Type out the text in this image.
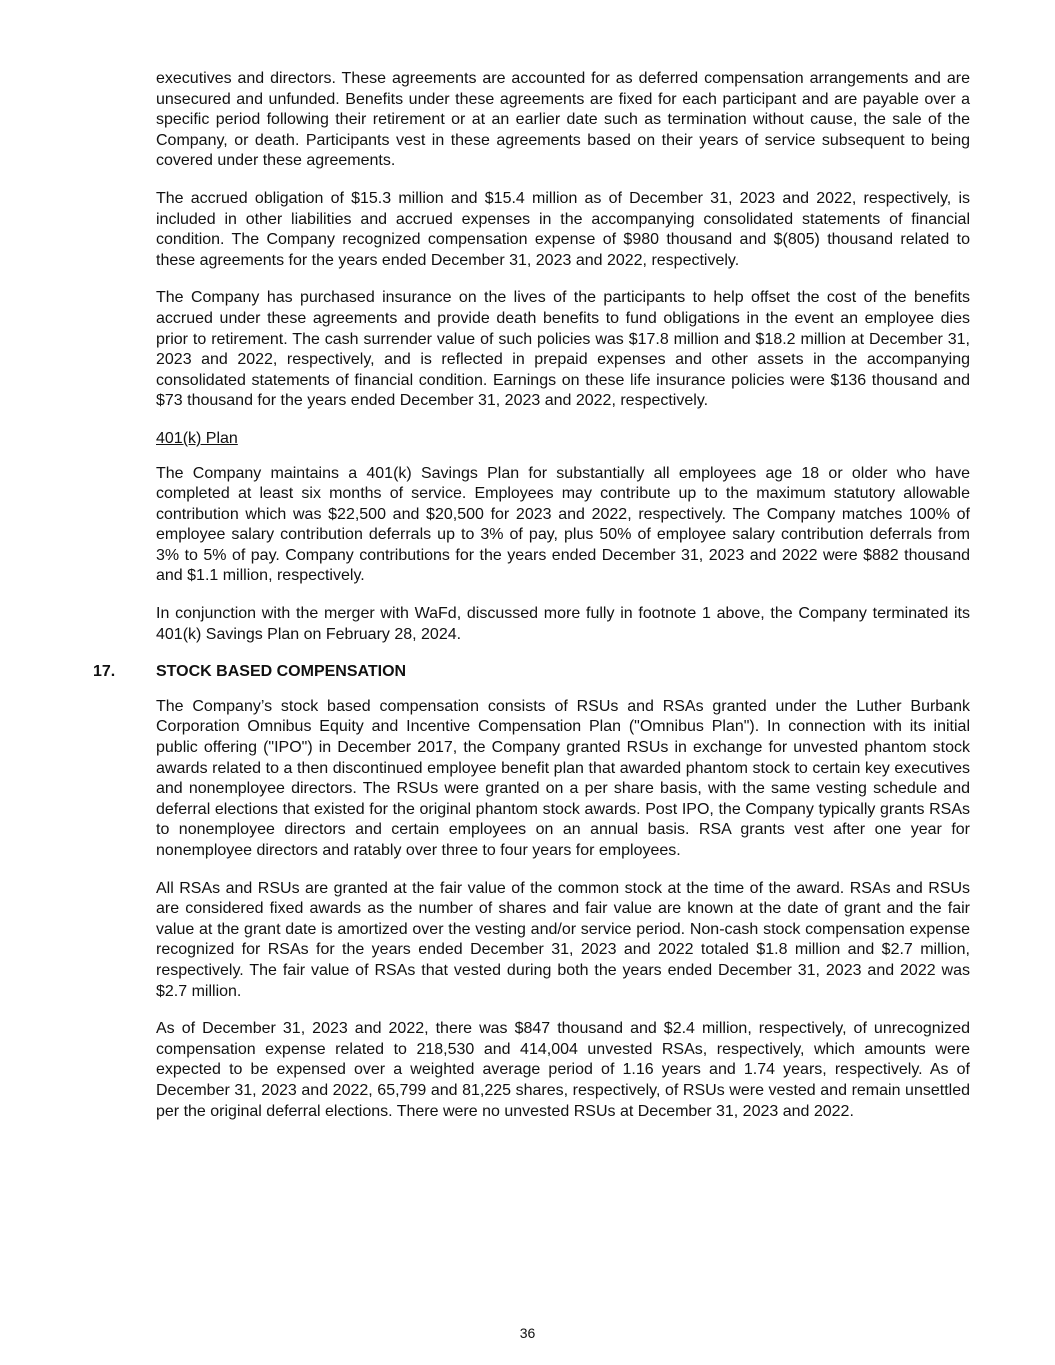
executives and directors. These agreements are accounted for as deferred compensation arrangements and are unsecured and unfunded. Benefits under these agreements are fixed for each participant and are payable over a specific period following their retirement or at an earlier date such as termination without cause, the sale of the Company, or death. Participants vest in these agreements based on their years of service subsequent to being covered under these agreements.

The accrued obligation of $15.3 million and $15.4 million as of December 31, 2023 and 2022, respectively, is included in other liabilities and accrued expenses in the accompanying consolidated statements of financial condition. The Company recognized compensation expense of $980 thousand and $(805) thousand related to these agreements for the years ended December 31, 2023 and 2022, respectively.

The Company has purchased insurance on the lives of the participants to help offset the cost of the benefits accrued under these agreements and provide death benefits to fund obligations in the event an employee dies prior to retirement. The cash surrender value of such policies was $17.8 million and $18.2 million at December 31, 2023 and 2022, respectively, and is reflected in prepaid expenses and other assets in the accompanying consolidated statements of financial condition. Earnings on these life insurance policies were $136 thousand and $73 thousand for the years ended December 31, 2023 and 2022, respectively.

401(k) Plan

The Company maintains a 401(k) Savings Plan for substantially all employees age 18 or older who have completed at least six months of service. Employees may contribute up to the maximum statutory allowable contribution which was $22,500 and $20,500 for 2023 and 2022, respectively. The Company matches 100% of employee salary contribution deferrals up to 3% of pay, plus 50% of employee salary contribution deferrals from 3% to 5% of pay. Company contributions for the years ended December 31, 2023 and 2022 were $882 thousand and $1.1 million, respectively.

In conjunction with the merger with WaFd, discussed more fully in footnote 1 above, the Company terminated its 401(k) Savings Plan on February 28, 2024.

17.	STOCK BASED COMPENSATION

The Company’s stock based compensation consists of RSUs and RSAs granted under the Luther Burbank Corporation Omnibus Equity and Incentive Compensation Plan ("Omnibus Plan"). In connection with its initial public offering ("IPO") in December 2017, the Company granted RSUs in exchange for unvested phantom stock awards related to a then discontinued employee benefit plan that awarded phantom stock to certain key executives and nonemployee directors. The RSUs were granted on a per share basis, with the same vesting schedule and deferral elections that existed for the original phantom stock awards. Post IPO, the Company typically grants RSAs to nonemployee directors and certain employees on an annual basis. RSA grants vest after one year for nonemployee directors and ratably over three to four years for employees.

All RSAs and RSUs are granted at the fair value of the common stock at the time of the award. RSAs and RSUs are considered fixed awards as the number of shares and fair value are known at the date of grant and the fair value at the grant date is amortized over the vesting and/or service period. Non-cash stock compensation expense recognized for RSAs for the years ended December 31, 2023 and 2022 totaled $1.8 million and $2.7 million, respectively. The fair value of RSAs that vested during both the years ended December 31, 2023 and 2022 was $2.7 million.

As of December 31, 2023 and 2022, there was $847 thousand and $2.4 million, respectively, of unrecognized compensation expense related to 218,530 and 414,004 unvested RSAs, respectively, which amounts were expected to be expensed over a weighted average period of 1.16 years and 1.74 years, respectively. As of December 31, 2023 and 2022, 65,799 and 81,225 shares, respectively, of RSUs were vested and remain unsettled per the original deferral elections. There were no unvested RSUs at December 31, 2023 and 2022.

36
